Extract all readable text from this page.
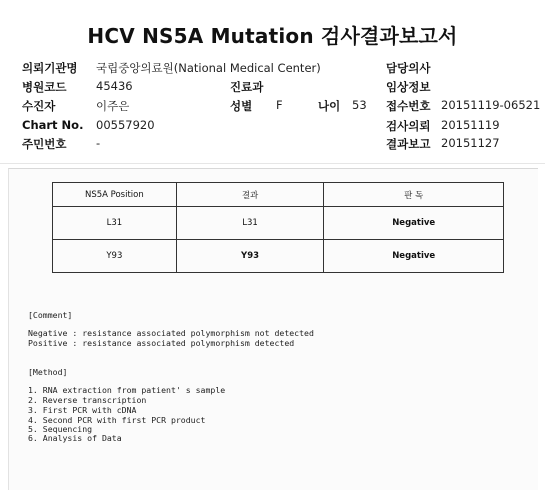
HCV NS5A Mutation 검사결과보고서
의뢰기관명 국립중앙의료원(National Medical Center)	담당의사
병원코드	45436	진료과	임상정보
수진자	이주은	성별 F	나이 53 접수번호 20151119-06521
Chart No. 00557920	검사의뢰 20151119
주민번호	-	결과보고 20151127
NS5A Position	결과	판 독
L31	L31	Negative
Y93	Y93	Negative
[Comment]
Negative : resistance associated polymorphism not detected
Positive : resistance associated polymorphism detected
[Method]
1. RNA extraction from patient' s sample
2. Reverse transcription
3. First PCR with cDNA
4. Second PCR with first PCR product
5. Sequencing
6. Analysis of Data
